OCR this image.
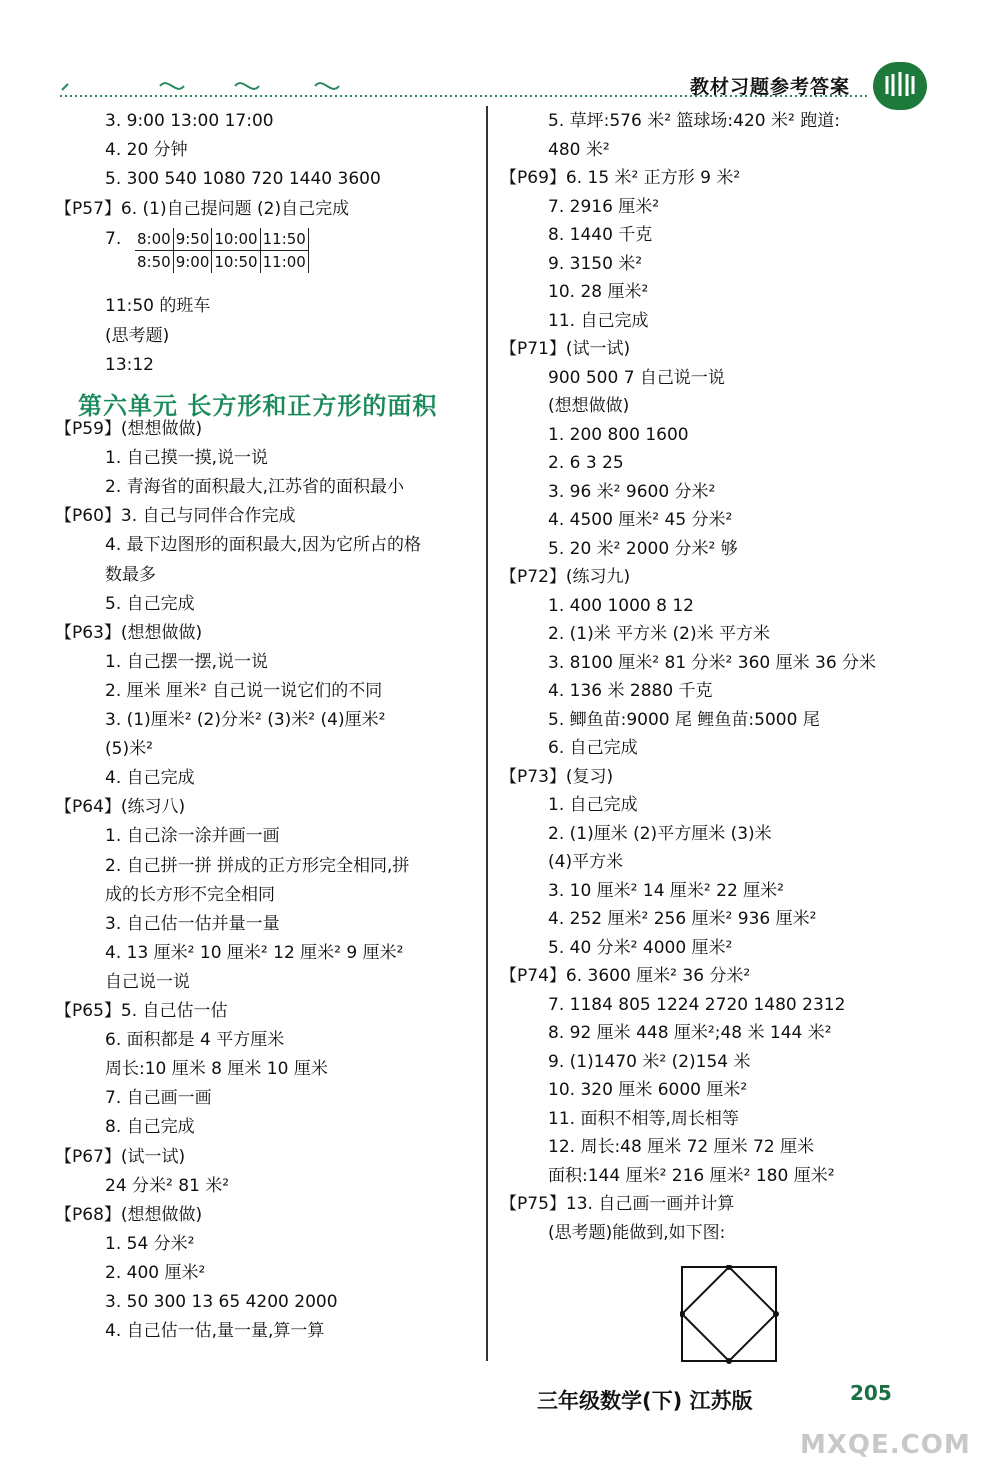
教材习题参考答案
3. 9:00 13:00 17:00
4. 20 分钟
5. 300 540 1080 720 1440 3600
【P57】6. (1)自己提问题 (2)自己完成
7. 8:00	9:50	10:00	11:50
8:50	9:00	10:50	11:00
11:50 的班车
(思考题)
13:12
第六单元 长方形和正方形的面积
【P59】(想想做做)
1. 自己摸一摸,说一说
2. 青海省的面积最大,江苏省的面积最小
【P60】3. 自己与同伴合作完成
4. 最下边图形的面积最大,因为它所占的格
数最多
5. 自己完成
【P63】(想想做做)
1. 自己摆一摆,说一说
2. 厘米 厘米² 自己说一说它们的不同
3. (1)厘米² (2)分米² (3)米² (4)厘米²
(5)米²
4. 自己完成
【P64】(练习八)
1. 自己涂一涂并画一画
2. 自己拼一拼 拼成的正方形完全相同,拼
成的长方形不完全相同
3. 自己估一估并量一量
4. 13 厘米² 10 厘米² 12 厘米² 9 厘米²
自己说一说
【P65】5. 自己估一估
6. 面积都是 4 平方厘米
周长:10 厘米 8 厘米 10 厘米
7. 自己画一画
8. 自己完成
【P67】(试一试)
24 分米² 81 米²
【P68】(想想做做)
1. 54 分米²
2. 400 厘米²
3. 50 300 13 65 4200 2000
4. 自己估一估,量一量,算一算
5. 草坪:576 米² 篮球场:420 米² 跑道:
480 米²
【P69】6. 15 米² 正方形 9 米²
7. 2916 厘米²
8. 1440 千克
9. 3150 米²
10. 28 厘米²
11. 自己完成
【P71】(试一试)
900 500 7 自己说一说
(想想做做)
1. 200 800 1600
2. 6 3 25
3. 96 米² 9600 分米²
4. 4500 厘米² 45 分米²
5. 20 米² 2000 分米² 够
【P72】(练习九)
1. 400 1000 8 12
2. (1)米 平方米 (2)米 平方米
3. 8100 厘米² 81 分米² 360 厘米 36 分米
4. 136 米 2880 千克
5. 鲫鱼苗:9000 尾 鲤鱼苗:5000 尾
6. 自己完成
【P73】(复习)
1. 自己完成
2. (1)厘米 (2)平方厘米 (3)米
(4)平方米
3. 10 厘米² 14 厘米² 22 厘米²
4. 252 厘米² 256 厘米² 936 厘米²
5. 40 分米² 4000 厘米²
【P74】6. 3600 厘米² 36 分米²
7. 1184 805 1224 2720 1480 2312
8. 92 厘米 448 厘米²;48 米 144 米²
9. (1)1470 米² (2)154 米
10. 320 厘米 6000 厘米²
11. 面积不相等,周长相等
12. 周长:48 厘米 72 厘米 72 厘米
面积:144 厘米² 216 厘米² 180 厘米²
【P75】13. 自己画一画并计算
(思考题)能做到,如下图:
三年级数学(下) 江苏版	205
MXQE.COM
